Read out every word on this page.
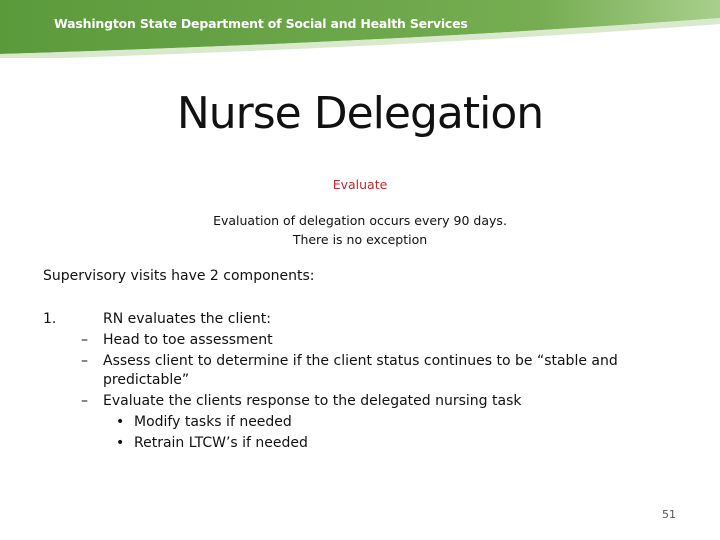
Washington State Department of Social and Health Services
Nurse Delegation
Evaluate
Evaluation of delegation occurs every 90 days.
There is no exception
Supervisory visits have 2 components:
1.	RN evaluates the client:
– Head to toe assessment
– Assess client to determine if the client status continues to be “stable and predictable”
– Evaluate the clients response to the delegated nursing task
• Modify tasks if needed
• Retrain LTCW’s if needed
51
